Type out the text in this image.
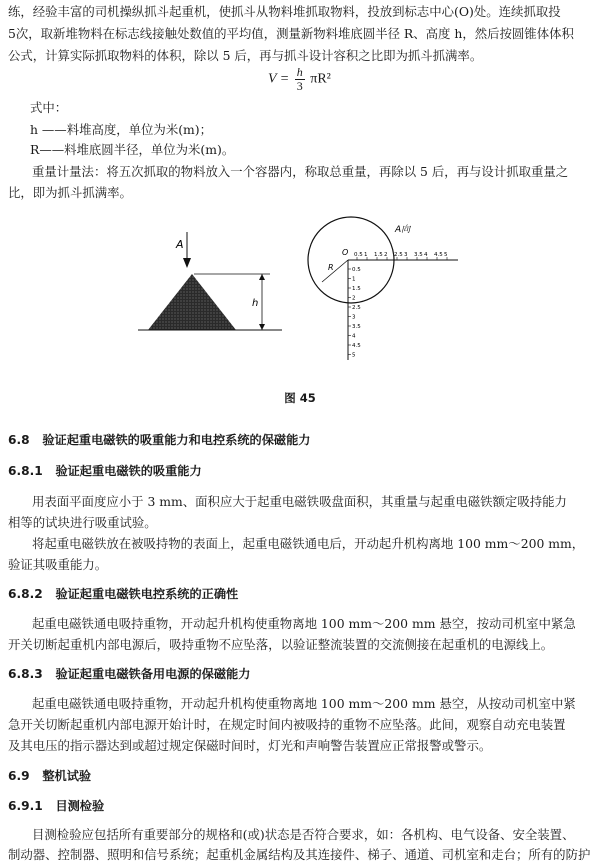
练，经验丰富的司机操纵抓斗起重机，使抓斗从物料堆抓取物料，投放到标志中心(O)处。连续抓取投
5次，取新堆物料在标志线接触处数值的平均值，测量新物料堆底圆半径 R、高度 h，然后按圆锥体体积
公式，计算实际抓取物料的体积，除以 5 后，再与抓斗设计容积之比即为抓斗抓满率。
$V = \frac{h}{3} \pi R^2$
式中：
h ——料堆高度，单位为米(m)；
R——料堆底圆半径，单位为米(m)。
重量计量法：将五次抓取的物料放入一个容器内，称取总重量，再除以 5 后，再与设计抓取重量之
比，即为抓斗抓满率。
A
h
A向
O
R
0.5 1 1.5 2 2.5 3 3.5 4 4.5 5
0.5
1
1.5
2
2.5
3
3.5
4
4.5
5
图 45
6.8 验证起重电磁铁的吸重能力和电控系统的保磁能力
6.8.1 验证起重电磁铁的吸重能力
用表面平面度应小于 3 mm、面积应大于起重电磁铁吸盘面积，其重量与起重电磁铁额定吸持能力
相等的试块进行吸重试验。
将起重电磁铁放在被吸持物的表面上，起重电磁铁通电后，开动起升机构离地 100 mm～200 mm，
验证其吸重能力。
6.8.2 验证起重电磁铁电控系统的正确性
起重电磁铁通电吸持重物，开动起升机构使重物离地 100 mm～200 mm 悬空，按动司机室中紧急
开关切断起重机内部电源后，吸持重物不应坠落，以验证整流装置的交流侧接在起重机的电源线上。
6.8.3 验证起重电磁铁备用电源的保磁能力
起重电磁铁通电吸持重物，开动起升机构使重物离地 100 mm～200 mm 悬空，从按动司机室中紧
急开关切断起重机内部电源开始计时，在规定时间内被吸持的重物不应坠落。此间，观察自动充电装置
及其电压的指示器达到或超过规定保磁时间时，灯光和声响警告装置应正常报警或警示。
6.9 整机试验
6.9.1 目测检验
目测检验应包括所有重要部分的规格和(或)状态是否符合要求，如：各机构、电气设备、安全装置、
制动器、控制器、照明和信号系统；起重机金属结构及其连接件、梯子、通道、司机室和走台；所有的防护
